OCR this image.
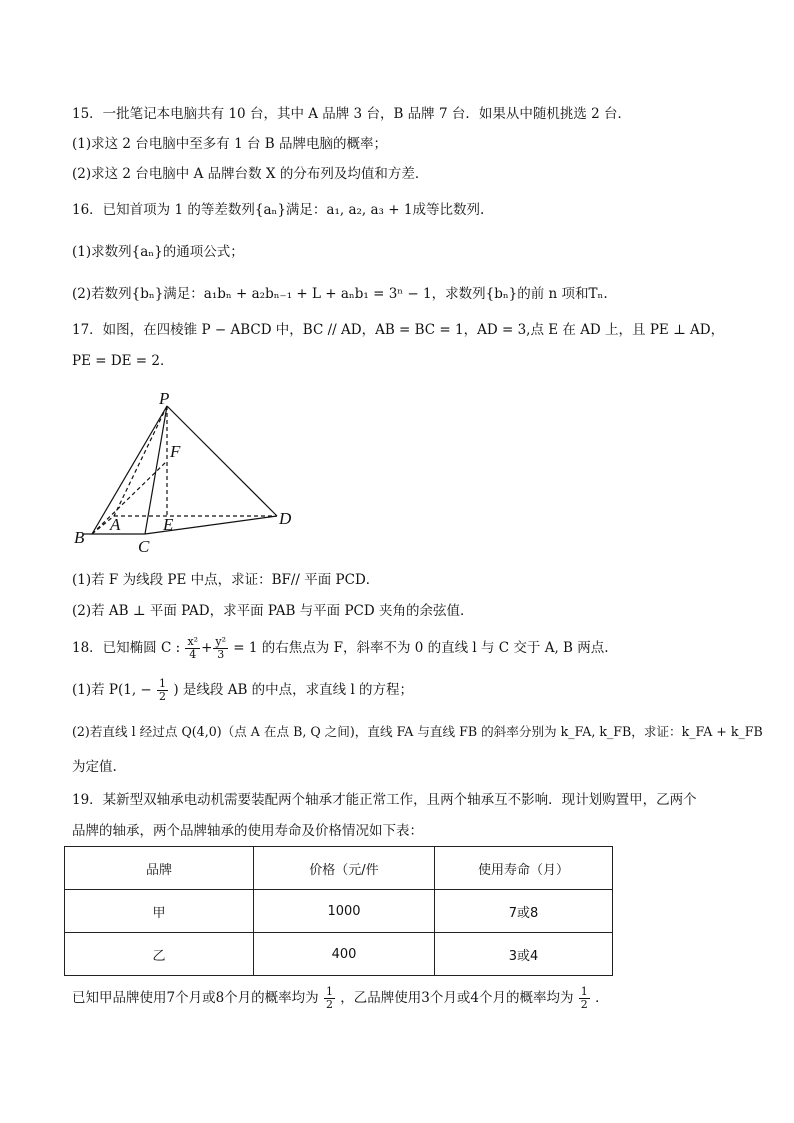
15．一批笔记本电脑共有 10 台，其中 A 品牌 3 台，B 品牌 7 台．如果从中随机挑选 2 台．
(1)求这 2 台电脑中至多有 1 台 B 品牌电脑的概率；
(2)求这 2 台电脑中 A 品牌台数 X 的分布列及均值和方差．
16．已知首项为 1 的等差数列{aₙ}满足：a₁, a₂, a₃ + 1成等比数列.
(1)求数列{aₙ}的通项公式；
(2)若数列{bₙ}满足：a₁bₙ + a₂bₙ₋₁ + L + aₙb₁ = 3ⁿ − 1，求数列{bₙ}的前 n 项和Tₙ.
17．如图，在四棱锥 P − ABCD 中，BC // AD，AB = BC = 1，AD = 3,点 E 在 AD 上，且 PE ⊥ AD，
PE = DE = 2．
P
F
A	E	D
B	C
(1)若 F 为线段 PE 中点，求证：BF// 平面 PCD．
(2)若 AB ⊥ 平面 PAD，求平面 PAB 与平面 PCD 夹角的余弦值．
18．已知椭圆 C : $\frac{\text{x²}}{4} + \frac{\text{y²}}{3} = 1$ 的右焦点为 F，斜率不为 0 的直线 l 与 C 交于 A, B 两点.
(1)若 P(1, − $\frac{1}{2}$ ) 是线段 AB 的中点，求直线 l 的方程；
(2)若直线 l 经过点 Q(4,0)（点 A 在点 B, Q 之间)，直线 FA 与直线 FB 的斜率分别为 k_FA, k_FB，求证：k_FA + k_FB
为定值.
19．某新型双轴承电动机需要装配两个轴承才能正常工作，且两个轴承互不影响．现计划购置甲，乙两个
品牌的轴承，两个品牌轴承的使用寿命及价格情况如下表：
品牌	价格（元/件	使用寿命（月）
甲	1000	7或8
乙	400	3或4
已知甲品牌使用7个月或8个月的概率均为 $\frac{1}{2}$ ，乙品牌使用3个月或4个月的概率均为 $\frac{1}{2}$ ．
